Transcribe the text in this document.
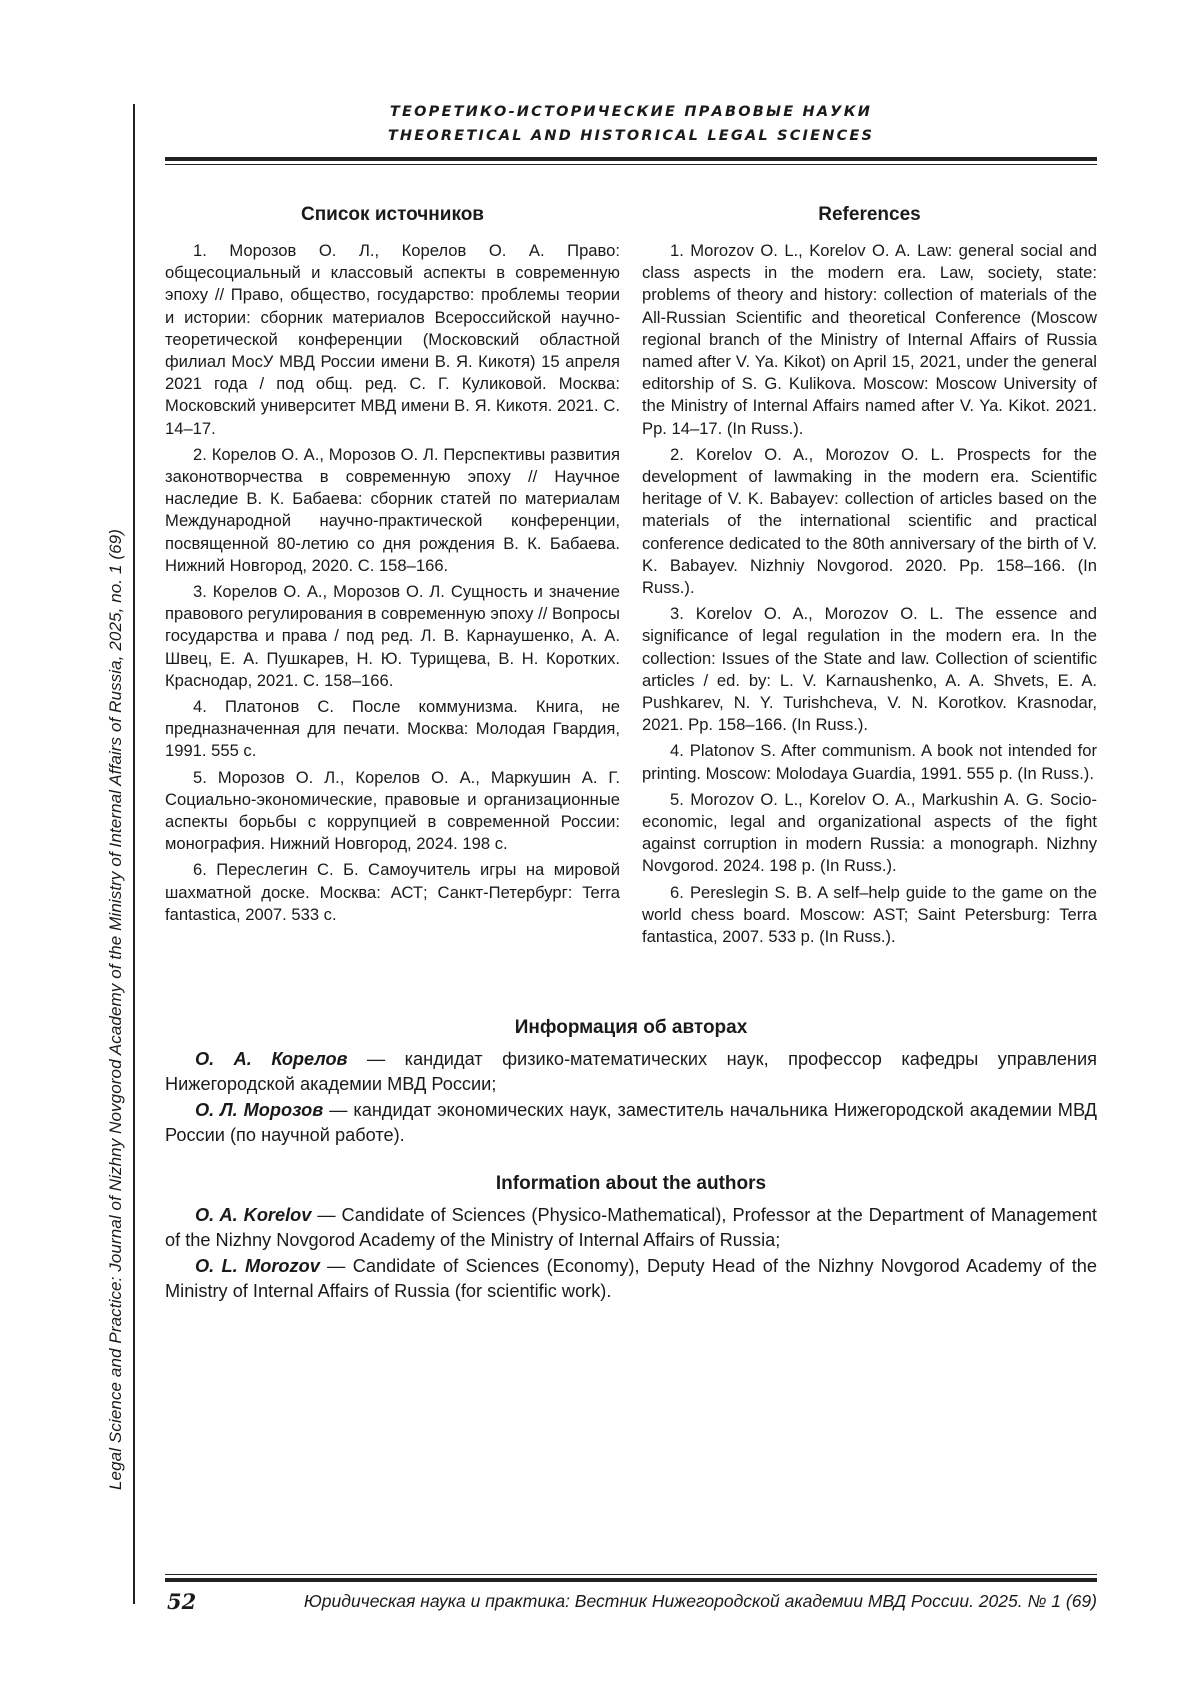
Legal Science and Practice: Journal of Nizhny Novgorod Academy of the Ministry of Internal Affairs of Russia, 2025, no. 1 (69)
ТЕОРЕТИКО-ИСТОРИЧЕСКИЕ ПРАВОВЫЕ НАУКИ
THEORETICAL AND HISTORICAL LEGAL SCIENCES
Список источников

1. Морозов О. Л., Корелов О. А. Право: общесоциальный и классовый аспекты в современную эпоху // Право, общество, государство: проблемы теории и истории: сборник материалов Всероссийской научно-теоретической конференции (Московский областной филиал МосУ МВД России имени В. Я. Кикотя) 15 апреля 2021 года / под общ. ред. С. Г. Куликовой. Москва: Московский университет МВД имени В. Я. Кикотя. 2021. С. 14–17.

2. Корелов О. А., Морозов О. Л. Перспективы развития законотворчества в современную эпоху // Научное наследие В. К. Бабаева: сборник статей по материалам Международной научно-практической конференции, посвященной 80-летию со дня рождения В. К. Бабаева. Нижний Новгород, 2020. С. 158–166.

3. Корелов О. А., Морозов О. Л. Сущность и значение правового регулирования в современную эпоху // Вопросы государства и права / под ред. Л. В. Карнаушенко, А. А. Швец, Е. А. Пушкарев, Н. Ю. Турищева, В. Н. Коротких. Краснодар, 2021. С. 158–166.

4. Платонов С. После коммунизма. Книга, не предназначенная для печати. Москва: Молодая Гвардия, 1991. 555 с.

5. Морозов О. Л., Корелов О. А., Маркушин А. Г. Социально-экономические, правовые и организационные аспекты борьбы с коррупцией в современной России: монография. Нижний Новгород, 2024. 198 с.

6. Переслегин С. Б. Самоучитель игры на мировой шахматной доске. Москва: АСТ; Санкт-Петербург: Terra fantastica, 2007. 533 с.

References

1. Morozov O. L., Korelov O. A. Law: general social and class aspects in the modern era. Law, society, state: problems of theory and history: collection of materials of the All-Russian Scientific and theoretical Conference (Moscow regional branch of the Ministry of Internal Affairs of Russia named after V. Ya. Kikot) on April 15, 2021, under the general editorship of S. G. Kulikova. Moscow: Moscow University of the Ministry of Internal Affairs named after V. Ya. Kikot. 2021. Pp. 14–17. (In Russ.).

2. Korelov O. A., Morozov O. L. Prospects for the development of lawmaking in the modern era. Scientific heritage of V. K. Babayev: collection of articles based on the materials of the international scientific and practical conference dedicated to the 80th anniversary of the birth of V. K. Babayev. Nizhniy Novgorod. 2020. Pp. 158–166. (In Russ.).

3. Korelov O. A., Morozov O. L. The essence and significance of legal regulation in the modern era. In the collection: Issues of the State and law. Collection of scientific articles / ed. by: L. V. Karnaushenko, A. A. Shvets, E. A. Pushkarev, N. Y. Turishcheva, V. N. Korotkov. Krasnodar, 2021. Pp. 158–166. (In Russ.).

4. Platonov S. After communism. A book not intended for printing. Moscow: Molodaya Guardia, 1991. 555 p. (In Russ.).

5. Morozov O. L., Korelov O. A., Markushin A. G. Socio-economic, legal and organizational aspects of the fight against corruption in modern Russia: a monograph. Nizhny Novgorod. 2024. 198 p. (In Russ.).

6. Pereslegin S. B. A self–help guide to the game on the world chess board. Moscow: AST; Saint Petersburg: Terra fantastica, 2007. 533 p. (In Russ.).

Информация об авторах

О. А. Корелов — кандидат физико-математических наук, профессор кафедры управления Нижегородской академии МВД России;

О. Л. Морозов — кандидат экономических наук, заместитель начальника Нижегородской академии МВД России (по научной работе).

Information about the authors

O. A. Korelov — Candidate of Sciences (Physico-Mathematical), Professor at the Department of Management of the Nizhny Novgorod Academy of the Ministry of Internal Affairs of Russia;

O. L. Morozov — Candidate of Sciences (Economy), Deputy Head of the Nizhny Novgorod Academy of the Ministry of Internal Affairs of Russia (for scientific work).

52	Юридическая наука и практика: Вестник Нижегородской академии МВД России. 2025. № 1 (69)
